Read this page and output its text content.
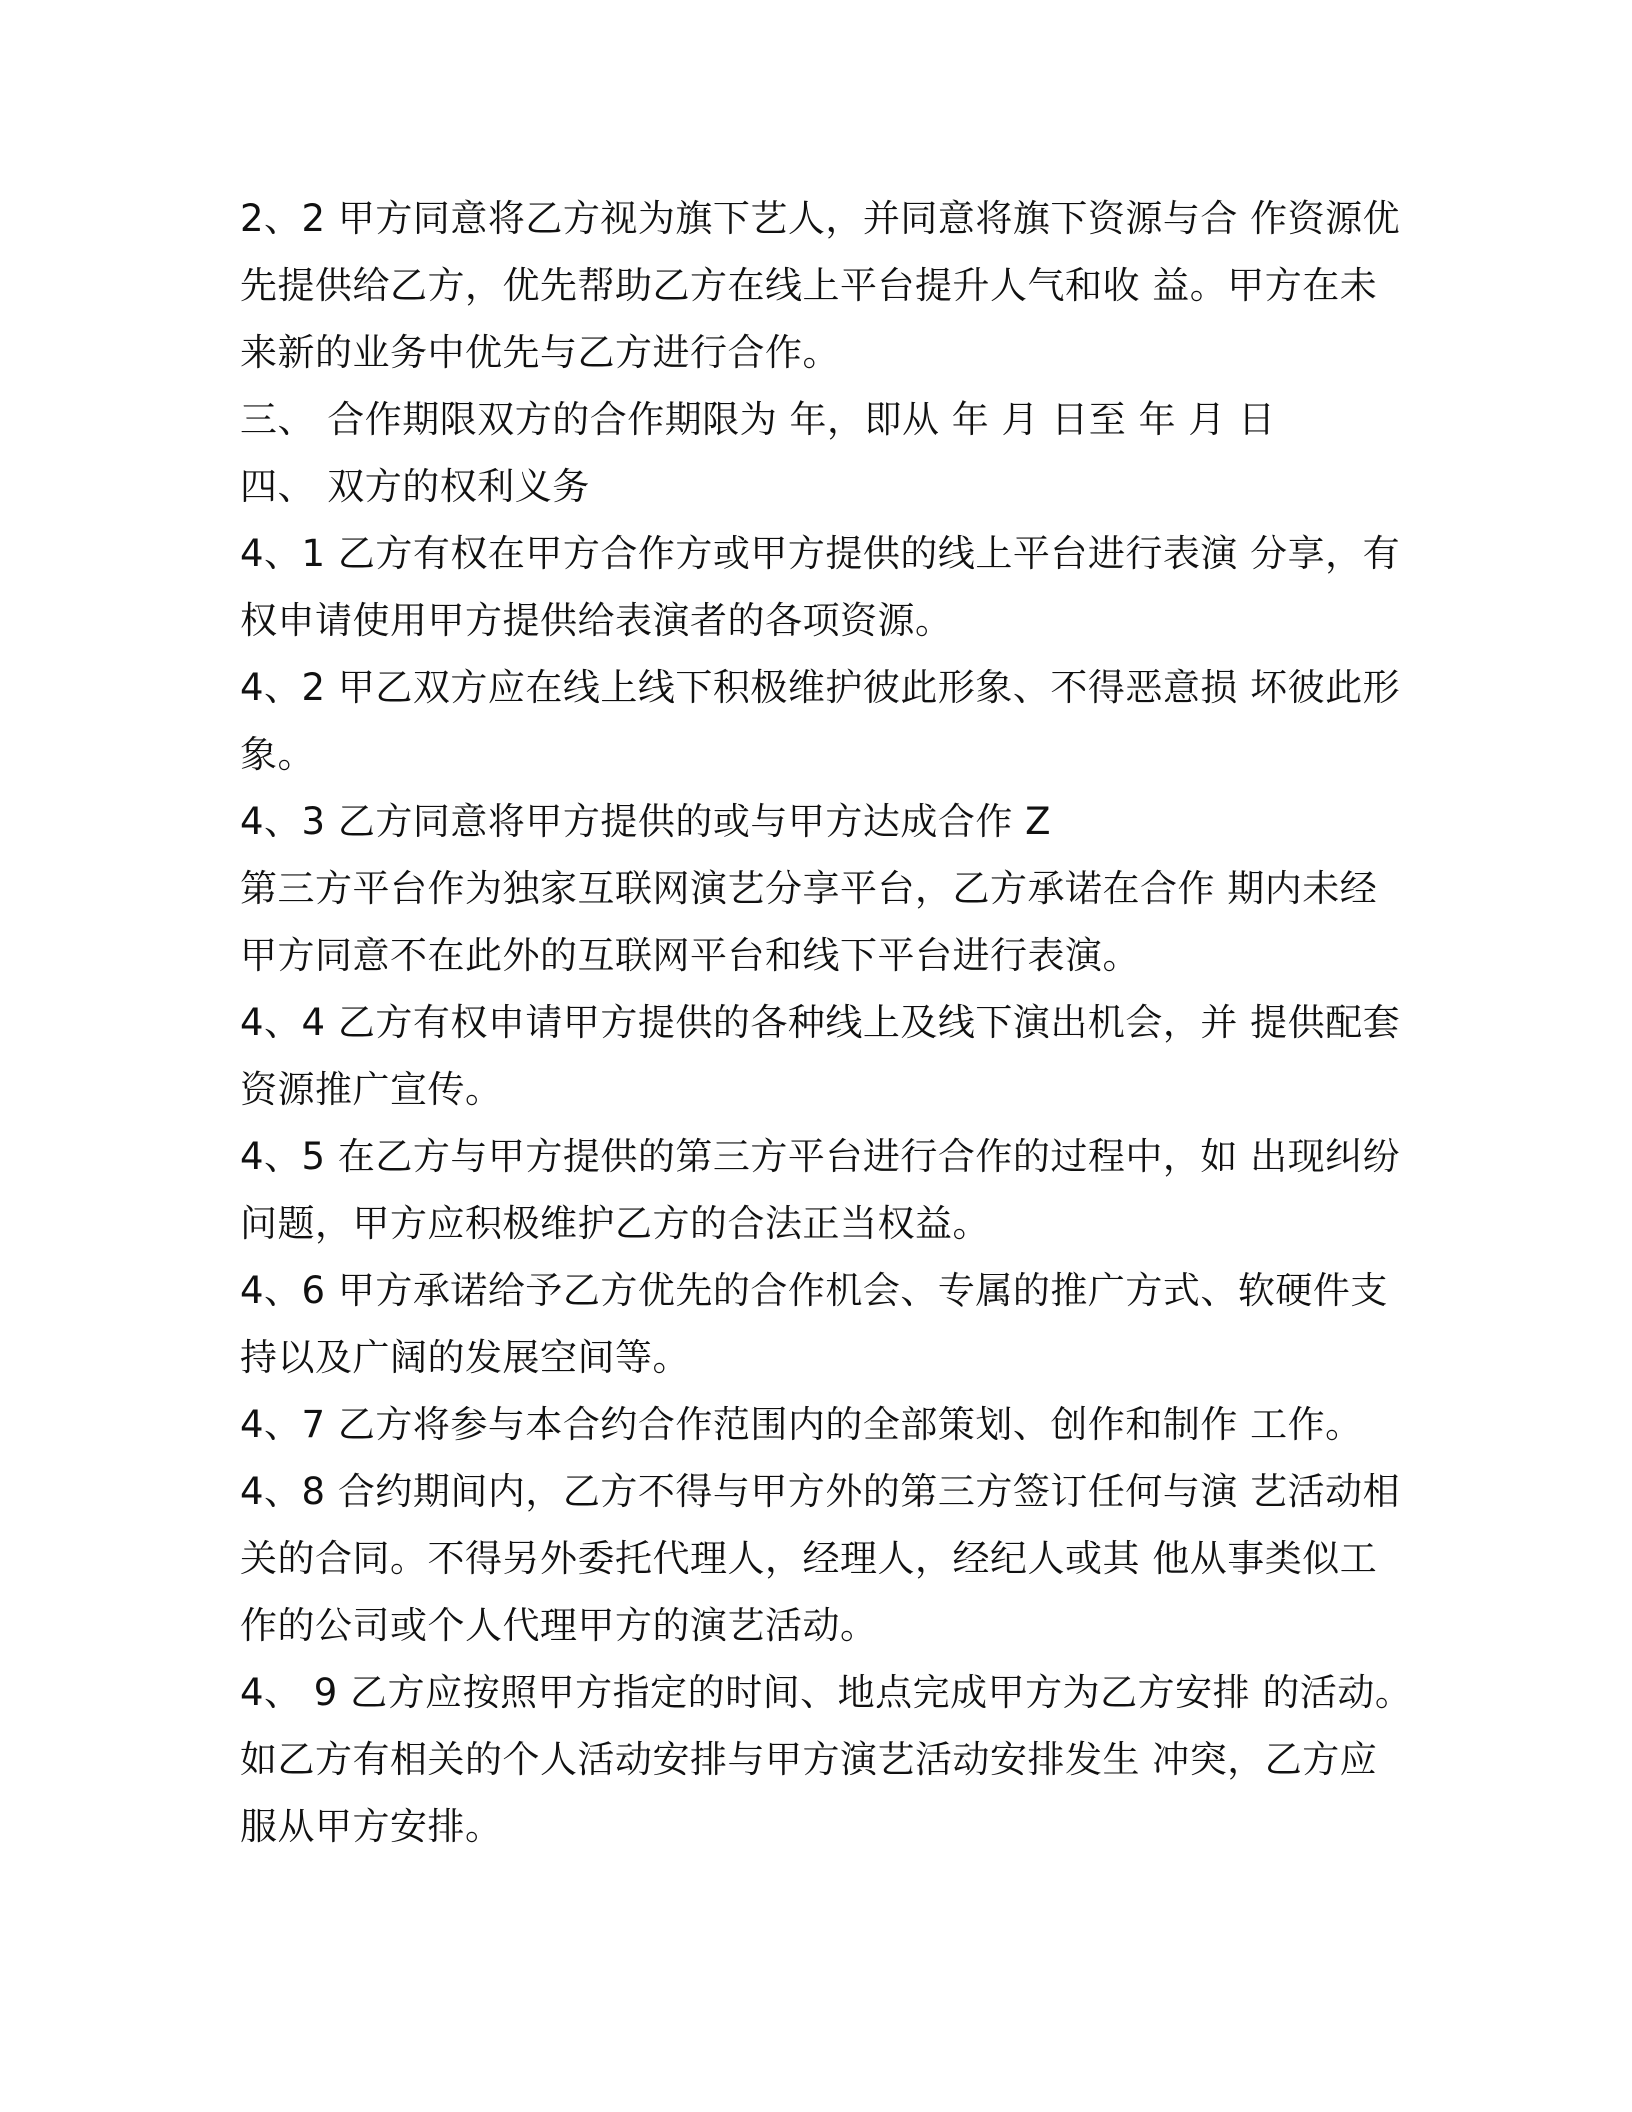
2、2 甲方同意将乙方视为旗下艺人，并同意将旗下资源与合 作资源优
先提供给乙方，优先帮助乙方在线上平台提升人气和收 益。甲方在未
来新的业务中优先与乙方进行合作。
三、 合作期限双方的合作期限为 年，即从 年 月 日至 年 月 日
四、 双方的权利义务
4、1 乙方有权在甲方合作方或甲方提供的线上平台进行表演 分享，有
权申请使用甲方提供给表演者的各项资源。
4、2 甲乙双方应在线上线下积极维护彼此形象、不得恶意损 坏彼此形
象。
4、3 乙方同意将甲方提供的或与甲方达成合作 Z
第三方平台作为独家互联网演艺分享平台，乙方承诺在合作 期内未经
甲方同意不在此外的互联网平台和线下平台进行表演。
4、4 乙方有权申请甲方提供的各种线上及线下演出机会，并 提供配套
资源推广宣传。
4、5 在乙方与甲方提供的第三方平台进行合作的过程中，如 出现纠纷
问题，甲方应积极维护乙方的合法正当权益。
4、6 甲方承诺给予乙方优先的合作机会、专属的推广方式、软硬件支
持以及广阔的发展空间等。
4、7 乙方将参与本合约合作范围内的全部策划、创作和制作 工作。
4、8 合约期间内，乙方不得与甲方外的第三方签订任何与演 艺活动相
关的合同。不得另外委托代理人，经理人，经纪人或其 他从事类似工
作的公司或个人代理甲方的演艺活动。
4、 9 乙方应按照甲方指定的时间、地点完成甲方为乙方安排 的活动。
如乙方有相关的个人活动安排与甲方演艺活动安排发生 冲突，乙方应
服从甲方安排。
